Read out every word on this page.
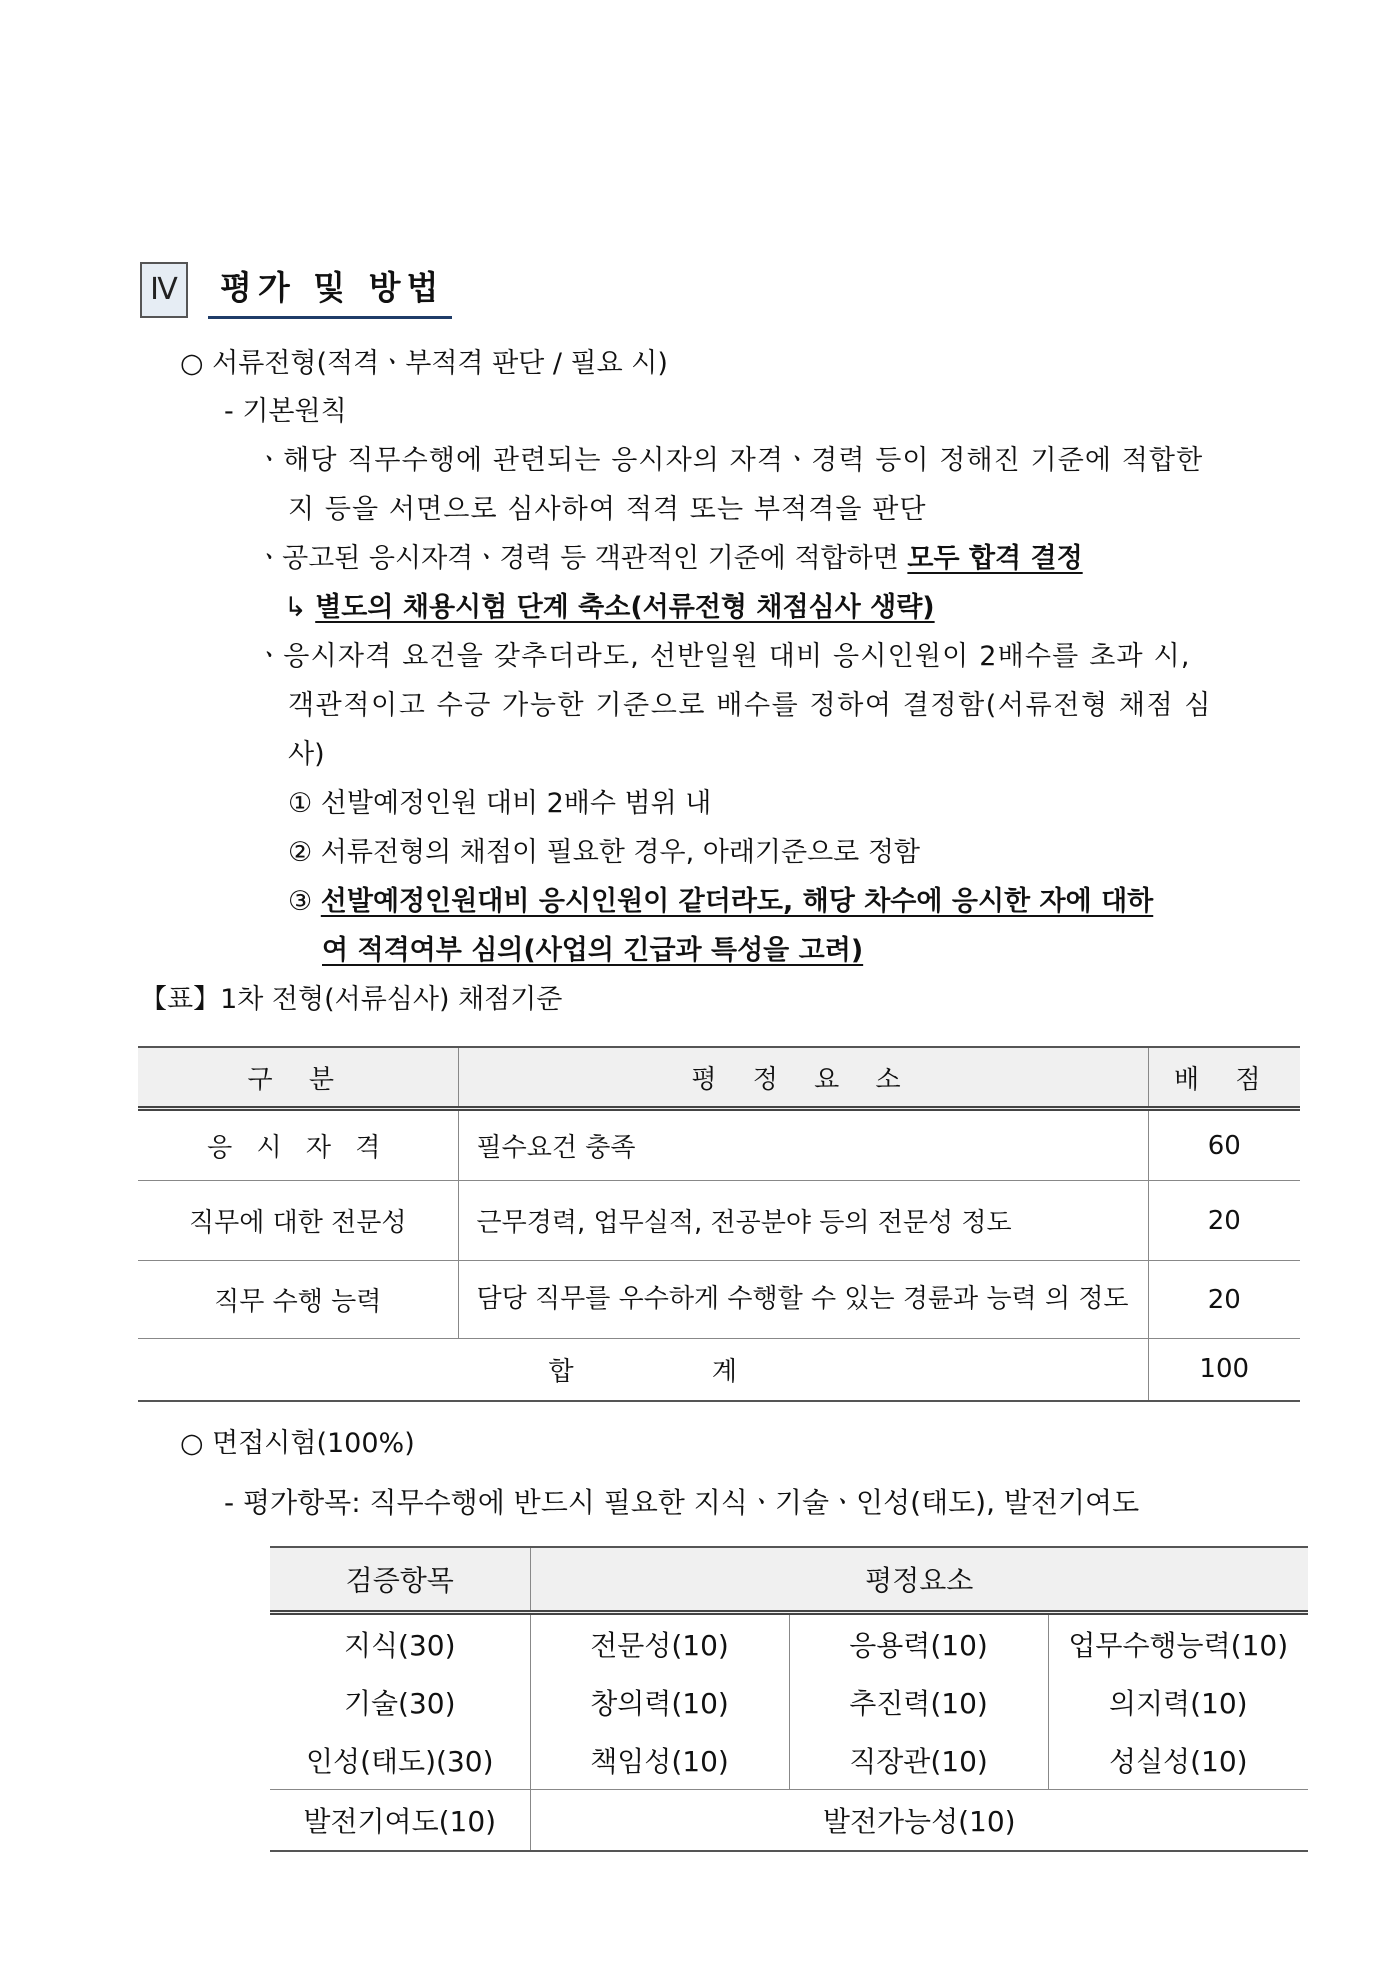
Ⅳ	평가 및 방법
○ 서류전형(적격ㆍ부적격 판단 / 필요 시)
- 기본원칙
ㆍ해당 직무수행에 관련되는 응시자의 자격ㆍ경력 등이 정해진 기준에 적합한
지 등을 서면으로 심사하여 적격 또는 부적격을 판단
ㆍ공고된 응시자격ㆍ경력 등 객관적인 기준에 적합하면 모두 합격 결정
↳ 별도의 채용시험 단계 축소(서류전형 채점심사 생략)
ㆍ응시자격 요건을 갖추더라도, 선반일원 대비 응시인원이 2배수를 초과 시,
객관적이고 수긍 가능한 기준으로 배수를 정하여 결정함(서류전형 채점 심
사)
① 선발예정인원 대비 2배수 범위 내
② 서류전형의 채점이 필요한 경우, 아래기준으로 정함
③ 선발예정인원대비 응시인원이 같더라도, 해당 차수에 응시한 자에 대하
여 적격여부 심의(사업의 긴급과 특성을 고려)
【표】1차 전형(서류심사) 채점기준
구 분	평 정 요 소	배 점
응 시 자 격	필수요건 충족	60
직무에 대한 전문성	근무경력, 업무실적, 전공분야 등의 전문성 정도	20
직무 수행 능력	담당 직무를 우수하게 수행할 수 있는 경륜과 능력 의 정도	20
합 계		100
○ 면접시험(100%)
- 평가항목: 직무수행에 반드시 필요한 지식ㆍ기술ㆍ인성(태도), 발전기여도
검증항목	평정요소		
지식(30)	전문성(10)	응용력(10)	업무수행능력(10)
기술(30)	창의력(10)	추진력(10)	의지력(10)
인성(태도)(30)	책임성(10)	직장관(10)	성실성(10)
발전기여도(10)	발전가능성(10)		
